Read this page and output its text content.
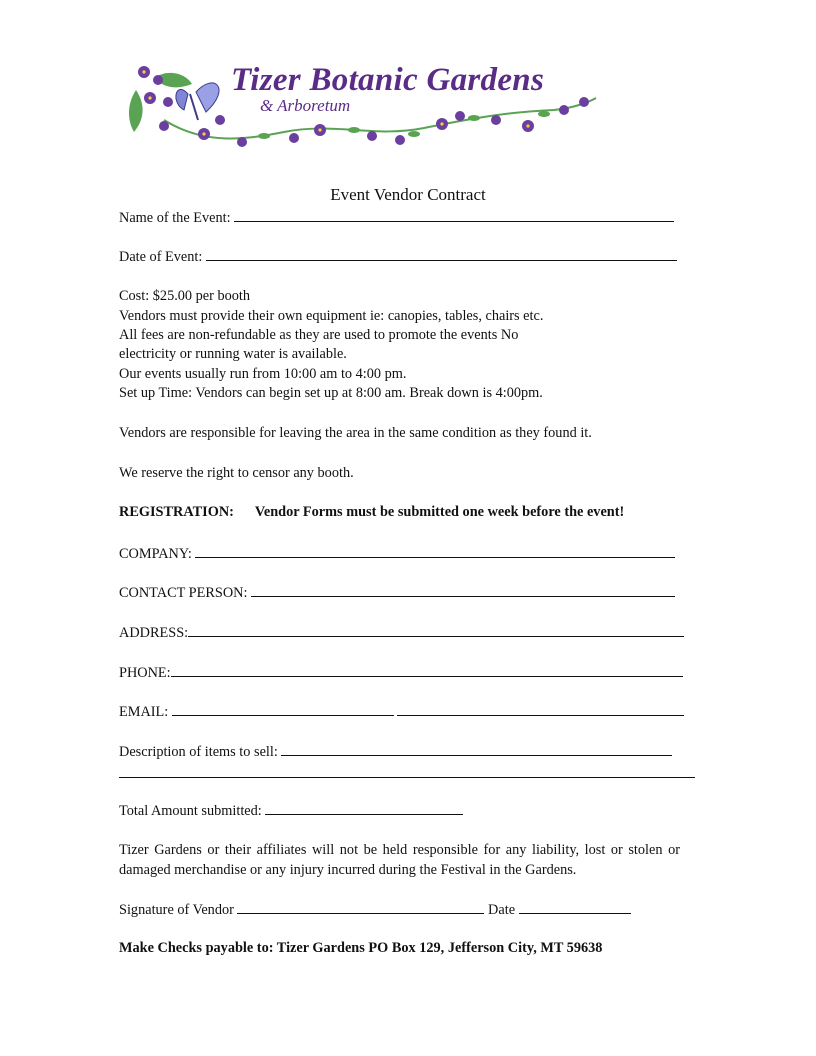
Tizer Botanic Gardens
& Arboretum
Event Vendor Contract
Name of the Event:
Date of Event:
Cost: $25.00 per booth
Vendors must provide their own equipment ie: canopies, tables, chairs etc.
All fees are non-refundable as they are used to promote the events No
electricity or running water is available.
Our events usually run from 10:00 am to 4:00 pm.
Set up Time: Vendors can begin set up at 8:00 am. Break down is 4:00pm.
Vendors are responsible for leaving the area in the same condition as they found it.
We reserve the right to censor any booth.
REGISTRATION: Vendor Forms must be submitted one week before the event!
COMPANY:
CONTACT PERSON:
ADDRESS:
PHONE:
EMAIL:
Description of items to sell:
Total Amount submitted:
Tizer Gardens or their affiliates will not be held responsible for any liability, lost or stolen or damaged merchandise or any injury incurred during the Festival in the Gardens.
Signature of Vendor	Date
Make Checks payable to: Tizer Gardens PO Box 129, Jefferson City, MT 59638
